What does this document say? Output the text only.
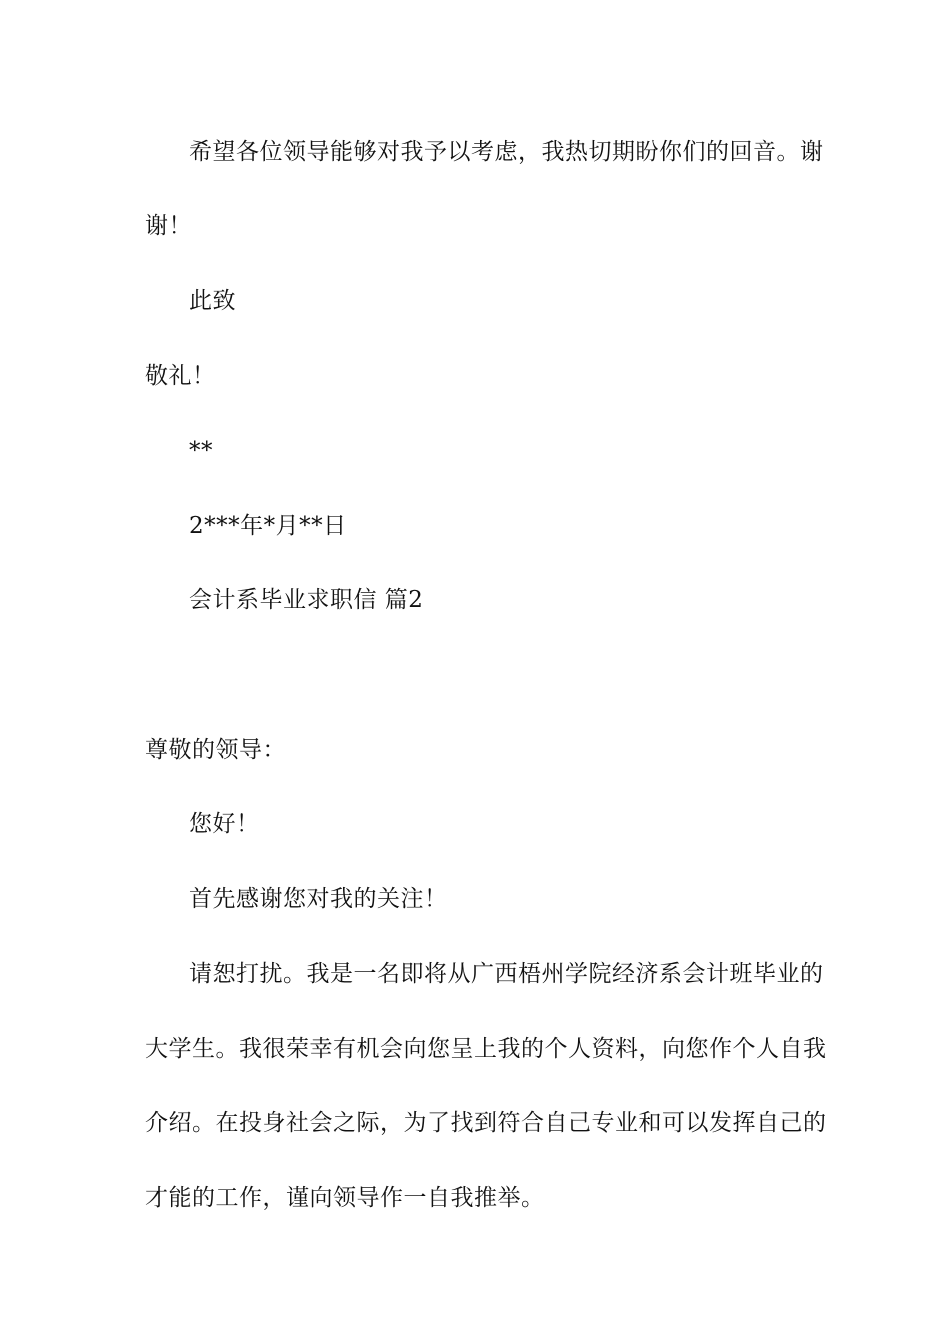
希望各位领导能够对我予以考虑，我热切期盼你们的回音。谢
谢！
此致
敬礼！
**
2***年*月**日
会计系毕业求职信 篇2
尊敬的领导：
您好！
首先感谢您对我的关注！
请恕打扰。我是一名即将从广西梧州学院经济系会计班毕业的
大学生。我很荣幸有机会向您呈上我的个人资料，向您作个人自我
介绍。在投身社会之际，为了找到符合自己专业和可以发挥自己的
才能的工作，谨向领导作一自我推举。
